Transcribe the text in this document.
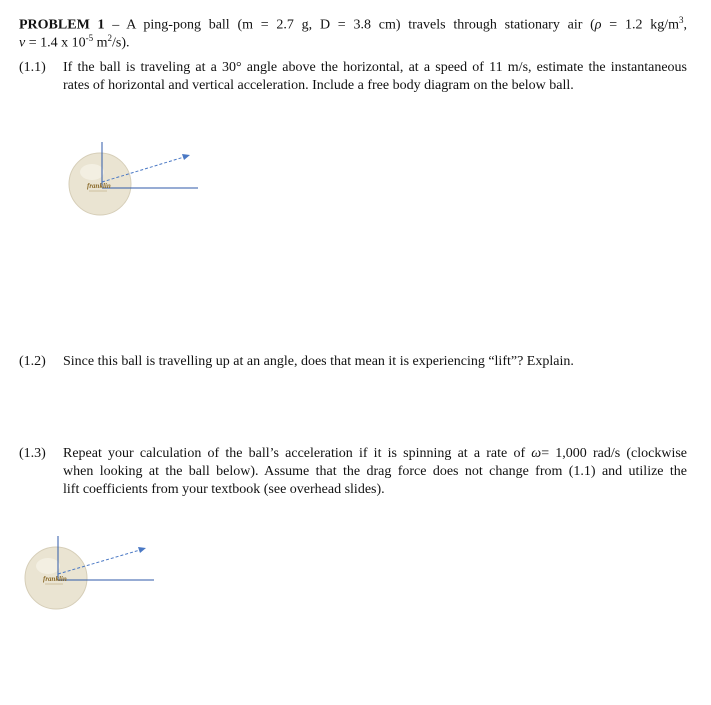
PROBLEM 1 – A ping-pong ball (m = 2.7 g, D = 3.8 cm) travels through stationary air (ρ = 1.2 $kg/m^3$,
ν = 1.4 x $10^{-5}$ $m^2/s$).
(1.1) If the ball is traveling at a 30° angle above the horizontal, at a speed of 11 m/s, estimate the instantaneous
rates of horizontal and vertical acceleration. Include a free body diagram on the below ball.
franklin
(1.2) Since this ball is travelling up at an angle, does that mean it is experiencing “lift”? Explain.
(1.3) Repeat your calculation of the ball’s acceleration if it is spinning at a rate of ω= 1,000 rad/s (clockwise
when looking at the ball below). Assume that the drag force does not change from (1.1) and utilize the
lift coefficients from your textbook (see overhead slides).
franklin
